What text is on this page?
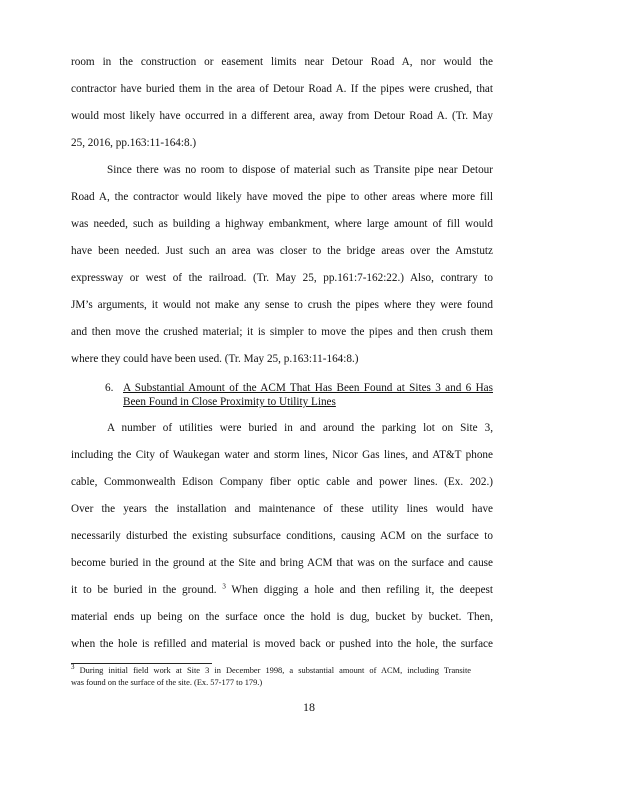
room in the construction or easement limits near Detour Road A, nor would the
contractor have buried them in the area of Detour Road A. If the pipes were crushed, that
would most likely have occurred in a different area, away from Detour Road A. (Tr. May
25, 2016, pp.163:11-164:8.)
Since there was no room to dispose of material such as Transite pipe near Detour
Road A, the contractor would likely have moved the pipe to other areas where more fill
was needed, such as building a highway embankment, where large amount of fill would
have been needed. Just such an area was closer to the bridge areas over the Amstutz
expressway or west of the railroad. (Tr. May 25, pp.161:7-162:22.) Also, contrary to
JM’s arguments, it would not make any sense to crush the pipes where they were found
and then move the crushed material; it is simpler to move the pipes and then crush them
where they could have been used. (Tr. May 25, p.163:11-164:8.)
6. A Substantial Amount of the ACM That Has Been Found at Sites 3 and 6 Has
Been Found in Close Proximity to Utility Lines
A number of utilities were buried in and around the parking lot on Site 3,
including the City of Waukegan water and storm lines, Nicor Gas lines, and AT&T phone
cable, Commonwealth Edison Company fiber optic cable and power lines. (Ex. 202.)
Over the years the installation and maintenance of these utility lines would have
necessarily disturbed the existing subsurface conditions, causing ACM on the surface to
become buried in the ground at the Site and bring ACM that was on the surface and cause
it to be buried in the ground. $^3$ When digging a hole and then refiling it, the deepest
material ends up being on the surface once the hold is dug, bucket by bucket. Then,
when the hole is refilled and material is moved back or pushed into the hole, the surface
$^3$ During initial field work at Site 3 in December 1998, a substantial amount of ACM, including Transite
was found on the surface of the site. (Ex. 57-177 to 179.)
18
